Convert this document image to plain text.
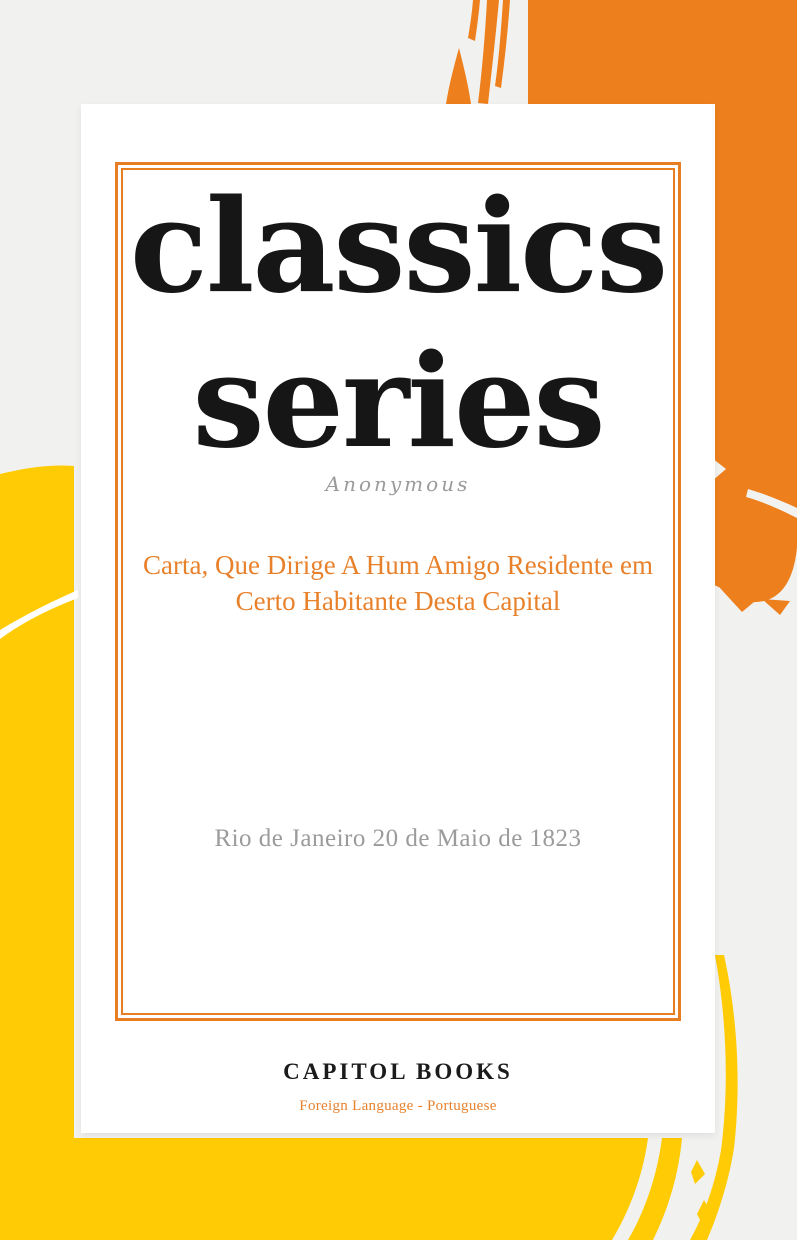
classics
series
Anonymous
Carta, Que Dirige A Hum Amigo Residente em
Certo Habitante Desta Capital
Rio de Janeiro 20 de Maio de 1823
CAPITOL BOOKS
Foreign Language - Portuguese
